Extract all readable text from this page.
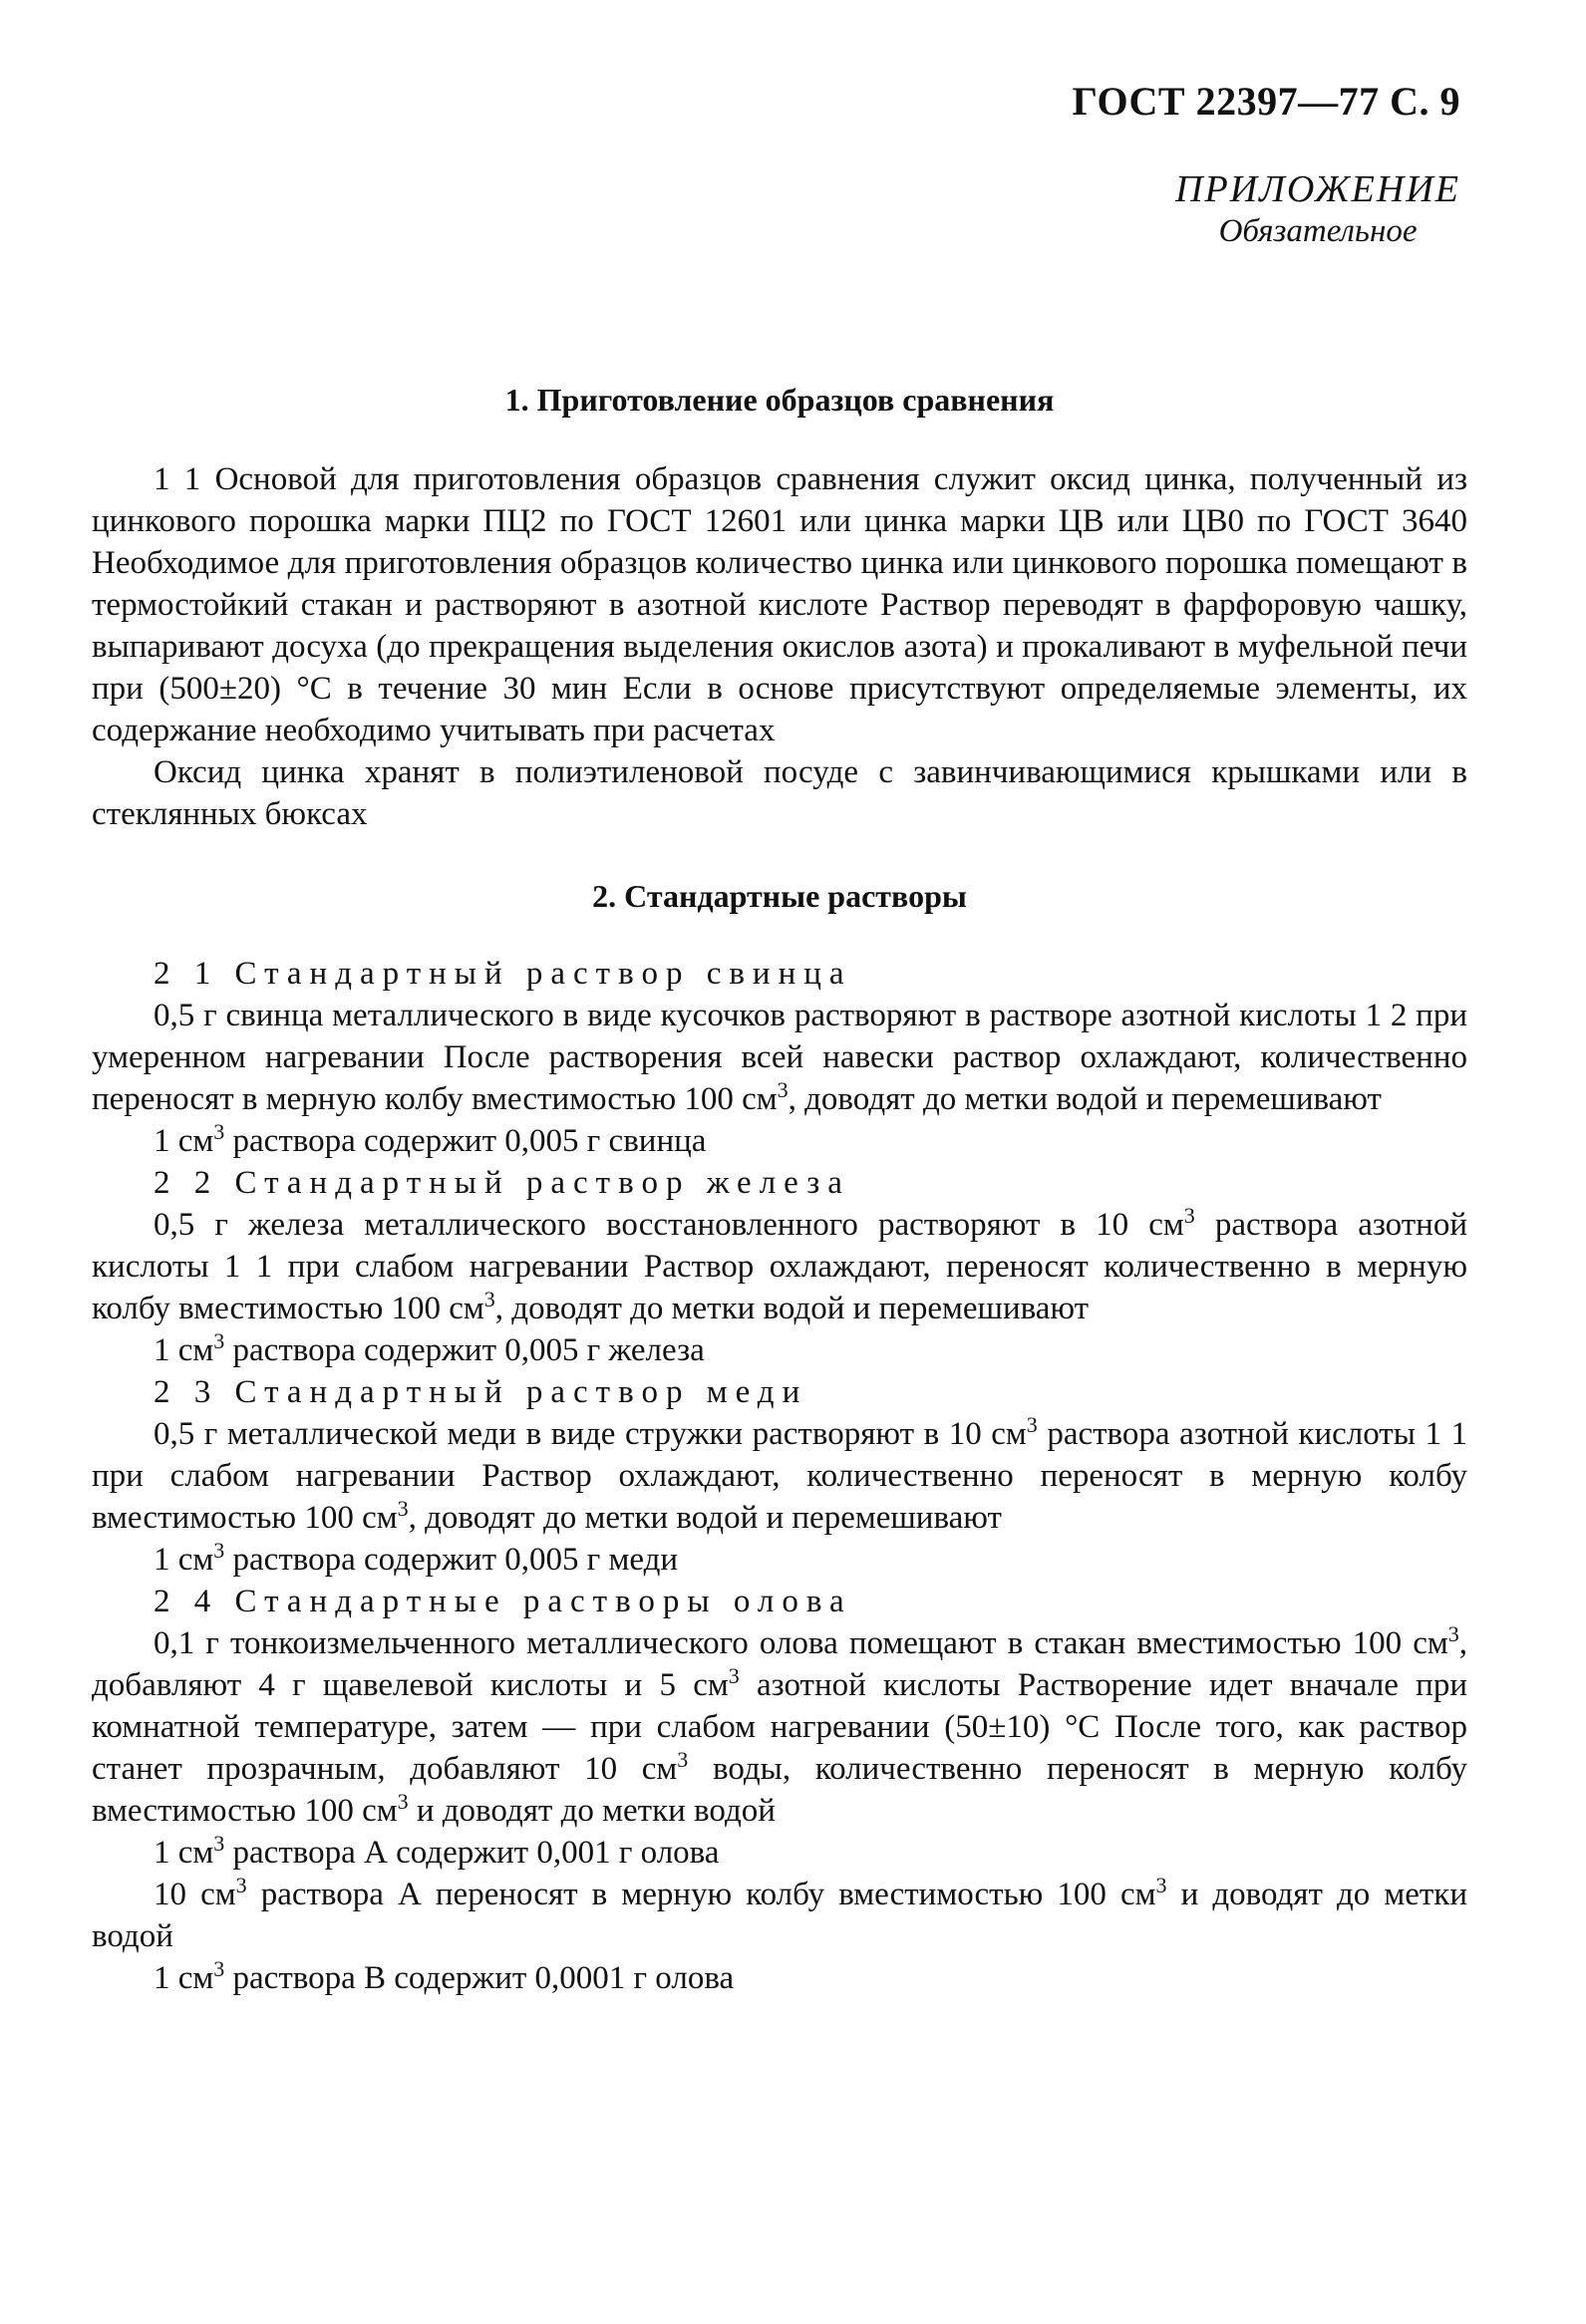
ГОСТ 22397—77 С. 9
ПРИЛОЖЕНИЕ
Обязательное
1. Приготовление образцов сравнения

1 1 Основой для приготовления образцов сравнения служит оксид цинка, полученный из цинкового порошка марки ПЦ2 по ГОСТ 12601 или цинка марки ЦВ или ЦВ0 по ГОСТ 3640 Необходимое для приготовления образцов количество цинка или цинкового порошка помещают в термостойкий стакан и растворяют в азотной кислоте Раствор переводят в фарфоровую чашку, выпаривают досуха (до прекращения выделения окислов азота) и прокаливают в муфельной печи при (500±20) °С в течение 30 мин Если в основе присутствуют определяемые элементы, их содержание необходимо учитывать при расчетах

Оксид цинка хранят в полиэтиленовой посуде с завинчивающимися крышками или в стеклянных бюксах

2. Стандартные растворы

2 1 Стандартный раствор свинца

0,5 г свинца металлического в виде кусочков растворяют в растворе азотной кислоты 1 2 при умеренном нагревании После растворения всей навески раствор охлаждают, количественно переносят в мерную колбу вместимостью 100 $см^3$, доводят до метки водой и перемешивают

1 $см^3$ раствора содержит 0,005 г свинца

2 2 Стандартный раствор железа

0,5 г железа металлического восстановленного растворяют в 10 $см^3$ раствора азотной кислоты 1 1 при слабом нагревании Раствор охлаждают, переносят количественно в мерную колбу вместимостью 100 $см^3$, доводят до метки водой и перемешивают

1 $см^3$ раствора содержит 0,005 г железа

2 3 Стандартный раствор меди

0,5 г металлической меди в виде стружки растворяют в 10 $см^3$ раствора азотной кислоты 1 1 при слабом нагревании Раствор охлаждают, количественно переносят в мерную колбу вместимостью 100 $см^3$, доводят до метки водой и перемешивают

1 $см^3$ раствора содержит 0,005 г меди

2 4 Стандартные растворы олова

0,1 г тонкоизмельченного металлического олова помещают в стакан вместимостью 100 $см^3$, добавляют 4 г щавелевой кислоты и 5 $см^3$ азотной кислоты Растворение идет вначале при комнатной температуре, затем — при слабом нагревании (50±10) °С После того, как раствор станет прозрачным, добавляют 10 $см^3$ воды, количественно переносят в мерную колбу вместимостью 100 $см^3$ и доводят до метки водой

1 $см^3$ раствора А содержит 0,001 г олова

10 $см^3$ раствора А переносят в мерную колбу вместимостью 100 $см^3$ и доводят до метки водой

1 $см^3$ раствора В содержит 0,0001 г олова
